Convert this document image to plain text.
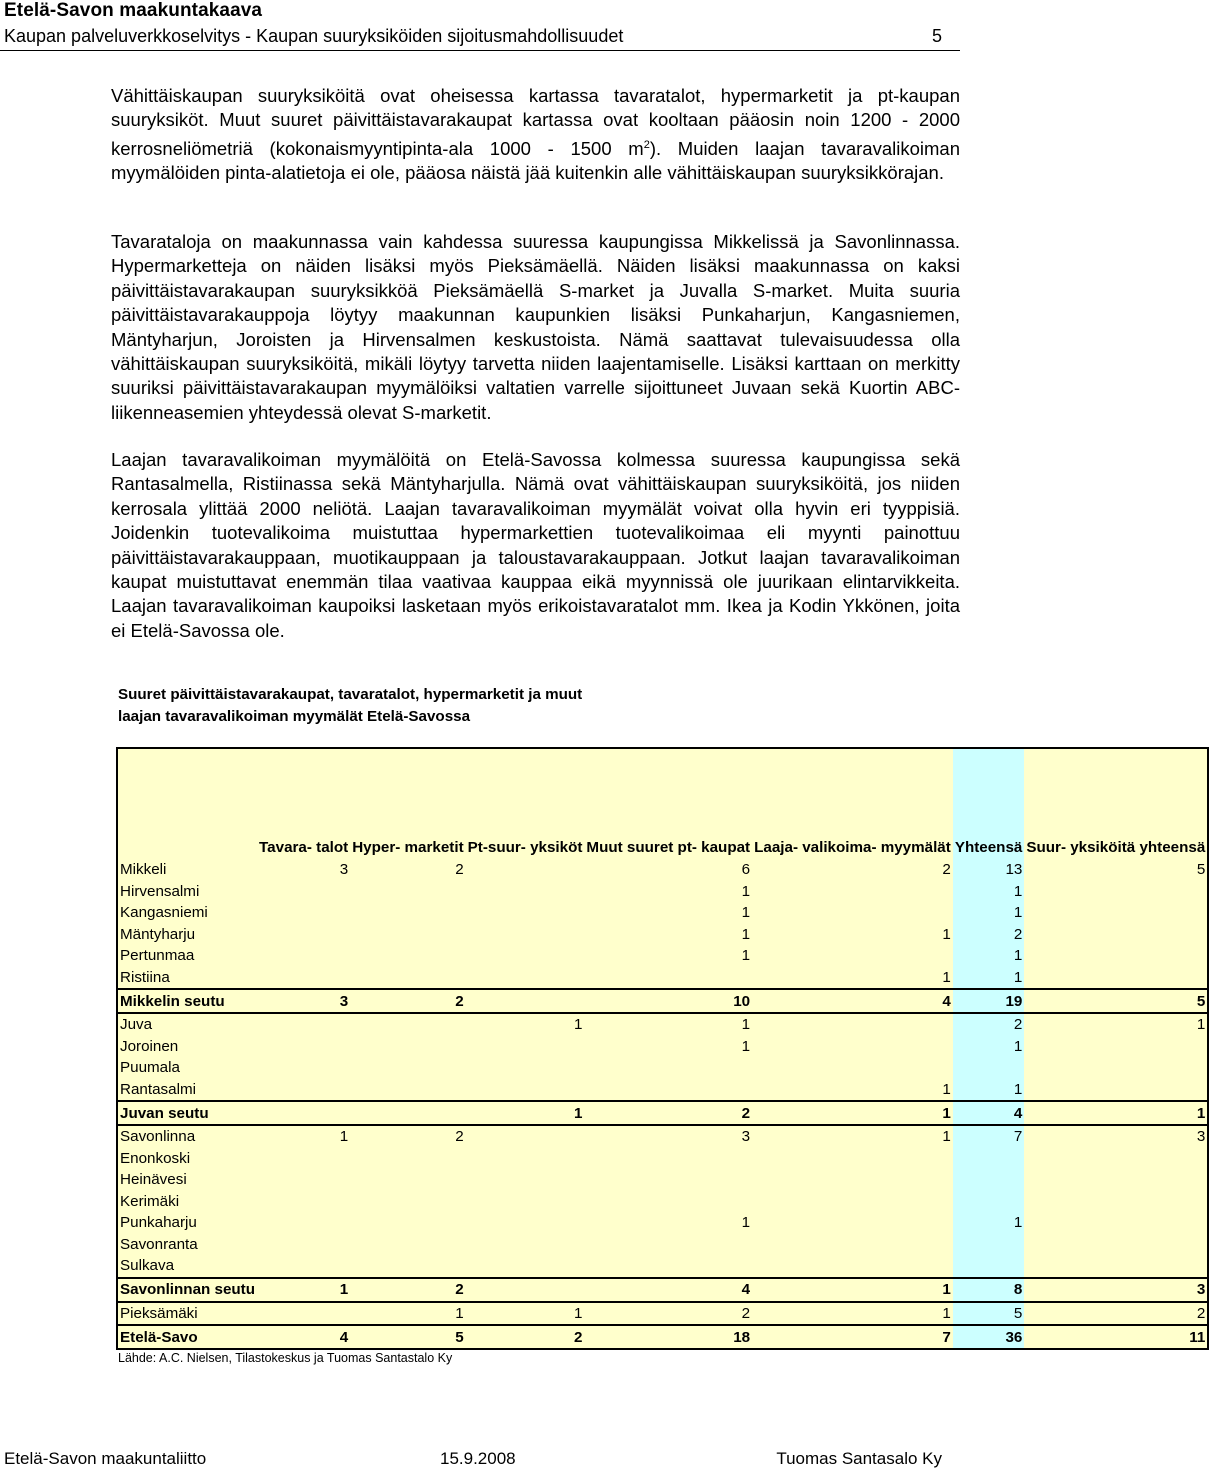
Etelä-Savon maakuntakaava
Kaupan palveluverkkoselvitys - Kaupan suuryksiköiden sijoitusmahdollisuudet	5

Vähittäiskaupan suuryksiköitä ovat oheisessa kartassa tavaratalot, hypermarketit ja pt-kaupan suuryksiköt. Muut suuret päivittäistavarakaupat kartassa ovat kooltaan pääosin noin 1200 - 2000 kerrosneliömetriä (kokonaismyyntipinta-ala 1000 - 1500 $m^2$). Muiden laajan tavaravalikoiman myymälöiden pinta-alatietoja ei ole, pääosa näistä jää kuitenkin alle vähittäiskaupan suuryksikkörajan.

Tavarataloja on maakunnassa vain kahdessa suuressa kaupungissa Mikkelissä ja Savonlinnassa. Hypermarketteja on näiden lisäksi myös Pieksämäellä. Näiden lisäksi maakunnassa on kaksi päivittäistavarakaupan suuryksikköä Pieksämäellä S-market ja Juvalla S-market. Muita suuria päivittäistavarakauppoja löytyy maakunnan kaupunkien lisäksi Punkaharjun, Kangasniemen, Mäntyharjun, Joroisten ja Hirvensalmen keskustoista. Nämä saattavat tulevaisuudessa olla vähittäiskaupan suuryksiköitä, mikäli löytyy tarvetta niiden laajentamiselle. Lisäksi karttaan on merkitty suuriksi päivittäistavarakaupan myymälöiksi valtatien varrelle sijoittuneet Juvaan sekä Kuortin ABC-liikenneasemien yhteydessä olevat S-marketit.

Laajan tavaravalikoiman myymälöitä on Etelä-Savossa kolmessa suuressa kaupungissa sekä Rantasalmella, Ristiinassa sekä Mäntyharjulla. Nämä ovat vähittäiskaupan suuryksiköitä, jos niiden kerrosala ylittää 2000 neliötä. Laajan tavaravalikoiman myymälät voivat olla hyvin eri tyyppisiä. Joidenkin tuotevalikoima muistuttaa hypermarkettien tuotevalikoimaa eli myynti painottuu päivittäistavarakauppaan, muotikauppaan ja taloustavarakauppaan. Jotkut laajan tavaravalikoiman kaupat muistuttavat enemmän tilaa vaativaa kauppaa eikä myynnissä ole juurikaan elintarvikkeita. Laajan tavaravalikoiman kaupoiksi lasketaan myös erikoistavaratalot mm. Ikea ja Kodin Ykkönen, joita ei Etelä-Savossa ole.

Suuret päivittäistavarakaupat, tavaratalot, hypermarketit ja muut
laajan tavaravalikoiman myymälät Etelä-Savossa
	Tavara- talot	Hyper- marketit	Pt-suur- yksiköt	Muut suuret pt- kaupat	Laaja- valikoima- myymälät	Yhteensä	Suur- yksiköitä yhteensä
Mikkeli	3	2		6	2	13	5
Hirvensalmi				1		1	
Kangasniemi				1		1	
Mäntyharju				1	1	2	
Pertunmaa				1		1	
Ristiina					1	1	
Mikkelin seutu	3	2		10	4	19	5
Juva			1	1		2	1
Joroinen				1		1	
Puumala							
Rantasalmi					1	1	
Juvan seutu			1	2	1	4	1
Savonlinna	1	2		3	1	7	3
Enonkoski							
Heinävesi							
Kerimäki							
Punkaharju				1		1	
Savonranta							
Sulkava							
Savonlinnan seutu	1	2		4	1	8	3
Pieksämäki		1	1	2	1	5	2
Etelä-Savo	4	5	2	18	7	36	11
Lähde: A.C. Nielsen, Tilastokeskus ja Tuomas Santastalo Ky
Etelä-Savon maakuntaliitto	15.9.2008	Tuomas Santasalo Ky
